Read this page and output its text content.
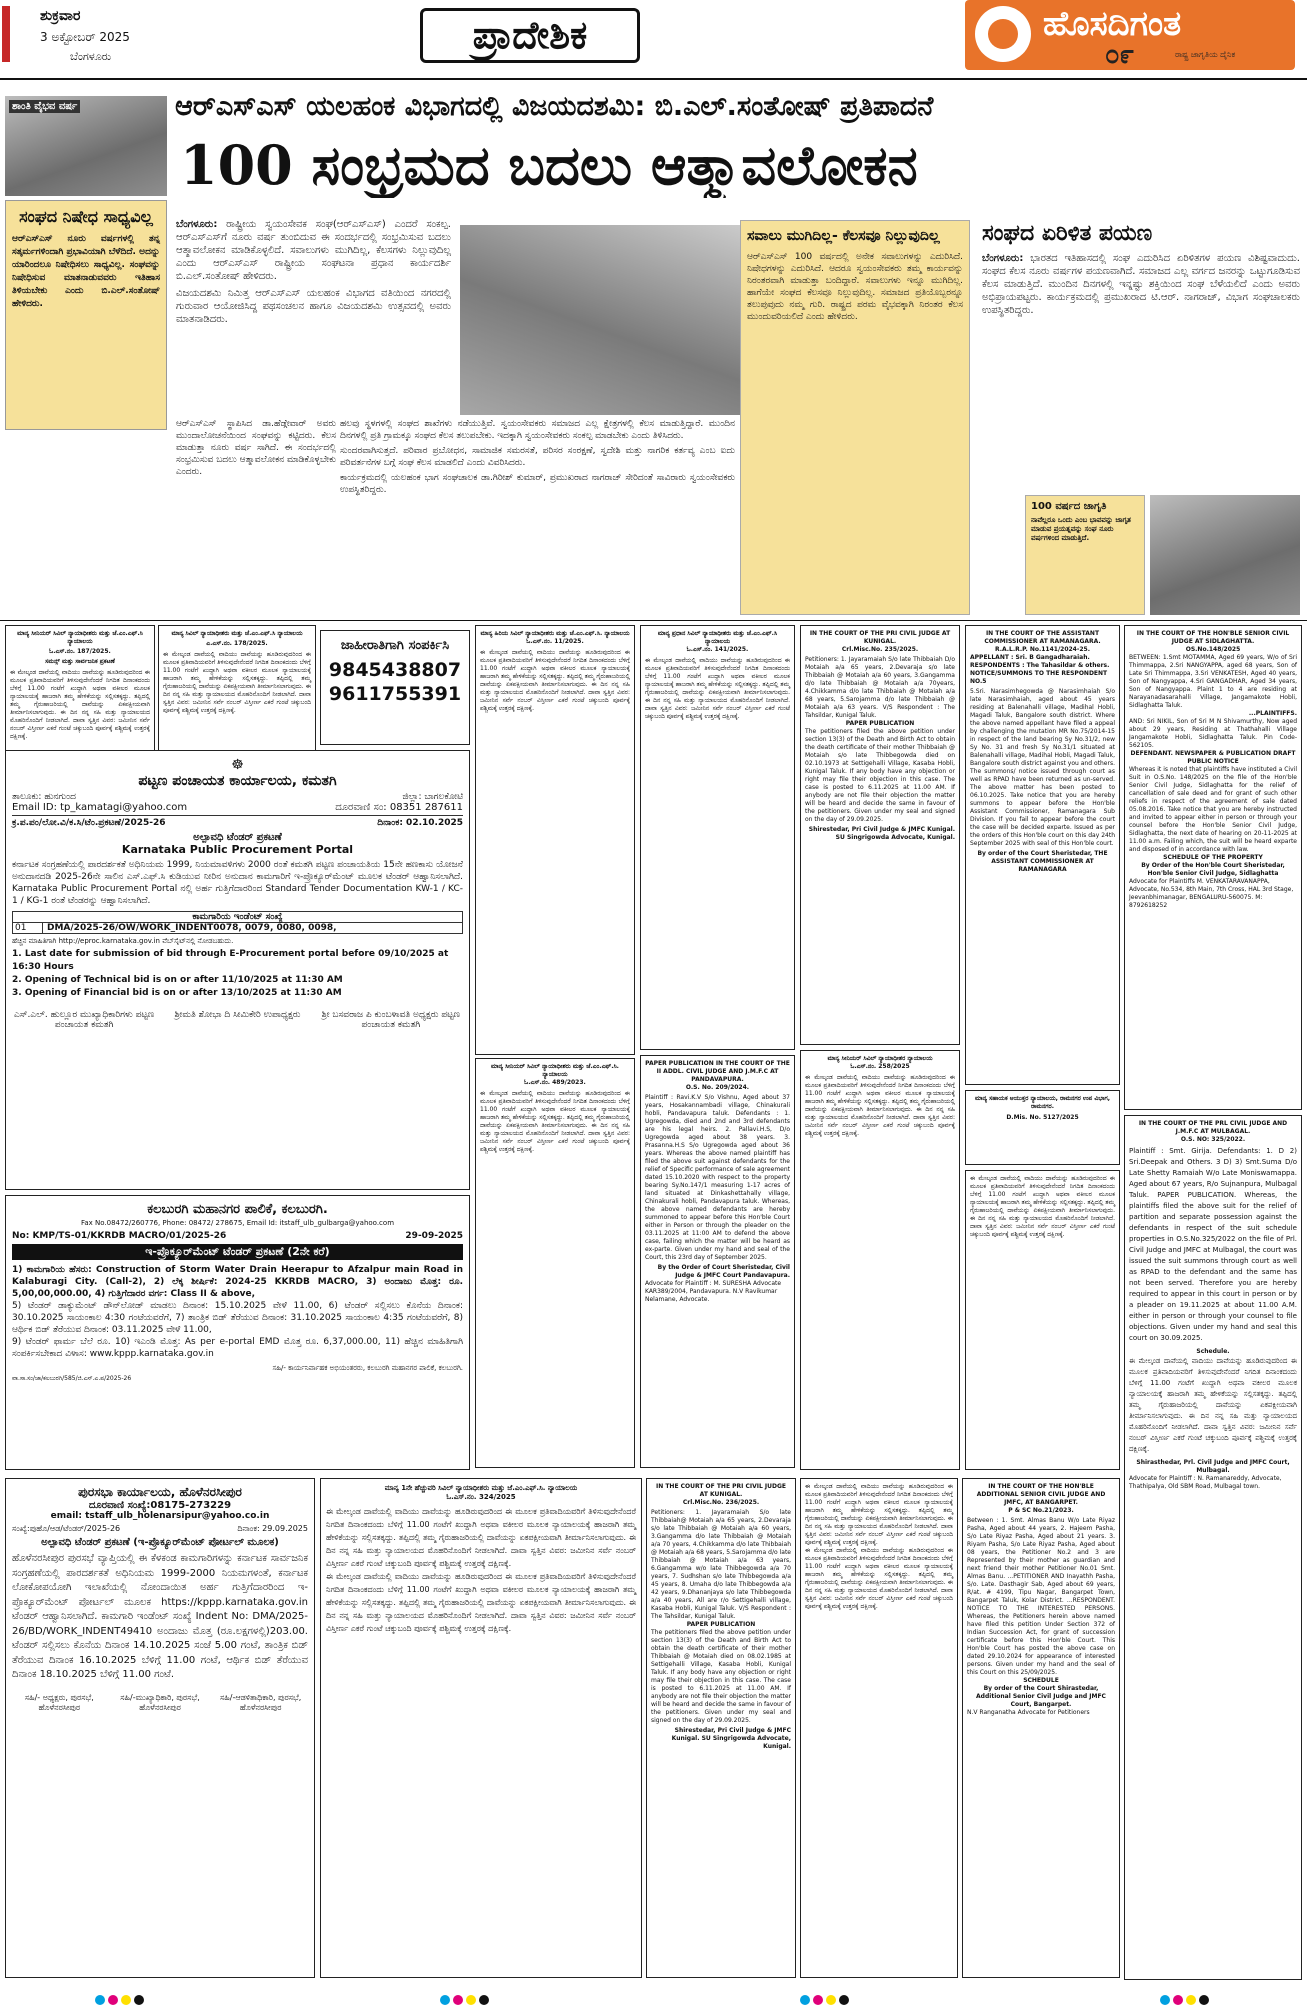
ಶುಕ್ರವಾರ
3 ಅಕ್ಟೋಬರ್ 2025
ಬೆಂಗಳೂರು	ಪ್ರಾದೇಶಿಕ	ಹೊಸದಿಗಂತ
೦೯	ರಾಷ್ಟ್ರ ಜಾಗೃತಿಯ ದೈನಿಕ
ಶಾಂತಿ ವೈಭವ ವರ್ಷ	ಆರ್‌ಎಸ್‌ಎಸ್ ಯಲಹಂಕ ವಿಭಾಗದಲ್ಲಿ ವಿಜಯದಶಮಿ: ಬಿ.ಎಲ್.ಸಂತೋಷ್ ಪ್ರತಿಪಾದನೆ
100 ಸಂಭ್ರಮದ ಬದಲು ಆತ್ಮಾವಲೋಕನ
ಸಂಘದ ನಿಷೇಧ ಸಾಧ್ಯವಿಲ್ಲ
ಆರ್‌ಎಸ್‌ಎಸ್‌ ನೂರು ವರ್ಷಗಳಲ್ಲಿ ತನ್ನ ಸತ್ಕರ್ಮಗಳಿಂದಾಗಿ ಪ್ರಭಾವಿಯಾಗಿ ಬೆಳೆದಿದೆ. ಅದನ್ನು ಯಾರಿಂದಲೂ ನಿಷೇಧಿಸಲು ಸಾಧ್ಯವಿಲ್ಲ. ಸಂಘವನ್ನು ನಿಷೇಧಿಸುವ ಮಾತನಾಡುವವರು ಇತಿಹಾಸ ತಿಳಿಯಬೇಕು ಎಂದು ಬಿ.ಎಲ್.ಸಂತೋಷ್ ಹೇಳಿದರು.
ಬೆಂಗಳೂರು: ರಾಷ್ಟ್ರೀಯ ಸ್ವಯಂಸೇವಕ ಸಂಘ(ಆರ್‌ಎಸ್‌ಎಸ್) ಎಂದರೆ ಸಂಕಲ್ಪ. ಆರ್‌ಎಸ್‌ಎಸ್‌ಗೆ ನೂರು ವರ್ಷ ತುಂಬಿದುವ ಈ ಸಂದರ್ಭದಲ್ಲಿ ಸಂಭ್ರಮಿಸುವ ಬದಲು ಆತ್ಮಾವಲೋಕನ ಮಾಡಿಕೊಳ್ಳಲಿದೆ. ಸವಾಲುಗಳು ಮುಗಿದಿಲ್ಲ, ಕೆಲಸಗಳು ನಿಲ್ಲುವುದಿಲ್ಲ ಎಂದು ಆರ್‌ಎಸ್‌ಎಸ್ ರಾಷ್ಟ್ರೀಯ ಸಂಘಟನಾ ಪ್ರಧಾನ ಕಾರ್ಯದರ್ಶಿ ಬಿ.ಎಲ್.ಸಂತೋಷ್ ಹೇಳಿದರು.
ವಿಜಯದಶಮಿ ನಿಮಿತ್ತ ಆರ್‌ಎಸ್‌ಎಸ್ ಯಲಹಂಕ ವಿಭಾಗದ ವತಿಯಿಂದ ನಗರದಲ್ಲಿ ಗುರುವಾರ ಆಯೋಜಿಸಿದ್ದ ಪಥಸಂಚಲನ ಹಾಗೂ ವಿಜಯದಶಮಿ ಉತ್ಸವದಲ್ಲಿ ಅವರು ಮಾತನಾಡಿದರು.
ಸವಾಲು ಮುಗಿದಿಲ್ಲ- ಕೆಲಸವೂ ನಿಲ್ಲುವುದಿಲ್ಲ
ಆರ್‌ಎಸ್‌ಎಸ್‌ 100 ವರ್ಷದಲ್ಲಿ ಅನೇಕ ಸವಾಲುಗಳನ್ನು ಎದುರಿಸಿದೆ. ನಿಷೇಧಗಳನ್ನು ಎದುರಿಸಿದೆ. ಆದರೂ ಸ್ವಯಂಸೇವಕರು ತಮ್ಮ ಕಾರ್ಯವನ್ನು ನಿರಂತರವಾಗಿ ಮಾಡುತ್ತಾ ಬಂದಿದ್ದಾರೆ. ಸವಾಲುಗಳು ಇನ್ನೂ ಮುಗಿದಿಲ್ಲ. ಹಾಗೆಯೇ ಸಂಘದ ಕೆಲಸವೂ ನಿಲ್ಲುವುದಿಲ್ಲ. ಸಮಾಜದ ಪ್ರತಿಯೊಬ್ಬರನ್ನೂ ತಲುಪುವುದು ನಮ್ಮ ಗುರಿ. ರಾಷ್ಟ್ರದ ಪರಮ ವೈಭವಕ್ಕಾಗಿ ನಿರಂತರ ಕೆಲಸ ಮುಂದುವರಿಯಲಿದೆ ಎಂದು ಹೇಳಿದರು.
ಸಂಘದ ಏರಿಳಿತ ಪಯಣ
ಬೆಂಗಳೂರು: ಭಾರತದ ಇತಿಹಾಸದಲ್ಲಿ ಸಂಘ ಎದುರಿಸಿದ ಏರಿಳಿತಗಳ ಪಯಣ ವಿಶಿಷ್ಟವಾದುದು. ಸಂಘದ ಕೆಲಸ ನೂರು ವರ್ಷಗಳ ಪಯಣವಾಗಿದೆ. ಸಮಾಜದ ಎಲ್ಲ ವರ್ಗದ ಜನರನ್ನು ಒಟ್ಟುಗೂಡಿಸುವ ಕೆಲಸ ಮಾಡುತ್ತಿದೆ. ಮುಂದಿನ ದಿನಗಳಲ್ಲಿ ಇನ್ನಷ್ಟು ಶಕ್ತಿಯಿಂದ ಸಂಘ ಬೆಳೆಯಲಿದೆ ಎಂದು ಅವರು ಅಭಿಪ್ರಾಯಪಟ್ಟರು. ಕಾರ್ಯಕ್ರಮದಲ್ಲಿ ಪ್ರಮುಖರಾದ ಟಿ.ಆರ್. ನಾಗರಾಜ್, ವಿಭಾಗ ಸಂಘಚಾಲಕರು ಉಪಸ್ಥಿತರಿದ್ದರು.
ಆರ್‌ಎಸ್‌ಎಸ್ ಸ್ಥಾಪಿಸಿದ ಡಾ.ಹೆಡ್ಗೇವಾರ್ ಅವರು ಮುಂದಾಲೋಚನೆಯಿಂದ ಸಂಘವನ್ನು ಕಟ್ಟಿದರು. ಕೆಲಸ ಮಾಡುತ್ತಾ ನೂರು ವರ್ಷ ಸಾಗಿದೆ. ಈ ಸಂದರ್ಭದಲ್ಲಿ ಸಂಭ್ರಮಿಸುವ ಬದಲು ಆತ್ಮಾವಲೋಕನ ಮಾಡಿಕೊಳ್ಳಬೇಕು ಎಂದರು.
ಹಲವು ಸ್ಥಳಗಳಲ್ಲಿ ಸಂಘದ ಶಾಖೆಗಳು ನಡೆಯುತ್ತಿವೆ. ಸ್ವಯಂಸೇವಕರು ಸಮಾಜದ ಎಲ್ಲ ಕ್ಷೇತ್ರಗಳಲ್ಲಿ ಕೆಲಸ ಮಾಡುತ್ತಿದ್ದಾರೆ. ಮುಂದಿನ ದಿನಗಳಲ್ಲಿ ಪ್ರತಿ ಗ್ರಾಮಕ್ಕೂ ಸಂಘದ ಕೆಲಸ ತಲುಪಬೇಕು. ಇದಕ್ಕಾಗಿ ಸ್ವಯಂಸೇವಕರು ಸಂಕಲ್ಪ ಮಾಡಬೇಕು ಎಂದು ತಿಳಿಸಿದರು.
ಸುಂದರವಾಗಿಸುತ್ತದೆ. ಪರಿವಾರ ಪ್ರಬೋಧನ, ಸಾಮಾಜಿಕ ಸಮರಸತೆ, ಪರಿಸರ ಸಂರಕ್ಷಣೆ, ಸ್ವದೇಶಿ ಮತ್ತು ನಾಗರಿಕ ಕರ್ತವ್ಯ ಎಂಬ ಐದು ಪರಿವರ್ತನೆಗಳ ಬಗ್ಗೆ ಸಂಘ ಕೆಲಸ ಮಾಡಲಿದೆ ಎಂದು ವಿವರಿಸಿದರು.
ಕಾರ್ಯಕ್ರಮದಲ್ಲಿ ಯಲಹಂಕ ಭಾಗ ಸಂಘಚಾಲಕ ಡಾ.ಗಿರೀಶ್ ಕುಮಾರ್, ಪ್ರಮುಖರಾದ ನಾಗರಾಜ್ ಸೇರಿದಂತೆ ಸಾವಿರಾರು ಸ್ವಯಂಸೇವಕರು ಉಪಸ್ಥಿತರಿದ್ದರು.
100 ವರ್ಷದ ಜಾಗೃತಿ
ನಾವೆಲ್ಲರೂ ಒಂದು ಎಂಬ ಭಾವವನ್ನು ಜಾಗೃತ ಮಾಡುವ ಪ್ರಯತ್ನವನ್ನು ಸಂಘ ನೂರು ವರ್ಷಗಳಿಂದ ಮಾಡುತ್ತಿದೆ.
ಮಾನ್ಯ ಸೀನಿಯರ್ ಸಿವಿಲ್ ನ್ಯಾಯಾಧೀಶರು ಮತ್ತು ಜೆ.ಎಂ.ಎಫ್.ಸಿ ನ್ಯಾಯಾಲಯ
ಓ.ಎಸ್.ನಂ. 187/2025.
ಸಮನ್ಸ್ ಮತ್ತು ಸಾರ್ವಜನಿಕ ಪ್ರಕಟಣೆ
ಈ ಮೇಲ್ಕಂಡ ದಾವೆಯಲ್ಲಿ ವಾದಿಯು ದಾವೆಯನ್ನು ಹೂಡಿರುವುದರಿಂದ ಈ ಮೂಲಕ ಪ್ರತಿವಾದಿಯವರಿಗೆ ತಿಳಿಸುವುದೇನೆಂದರೆ ನಿಗದಿತ ದಿನಾಂಕದಂದು ಬೆಳಿಗ್ಗೆ 11.00 ಗಂಟೆಗೆ ಖುದ್ದಾಗಿ ಅಥವಾ ವಕೀಲರ ಮೂಲಕ ನ್ಯಾಯಾಲಯಕ್ಕೆ ಹಾಜರಾಗಿ ತಮ್ಮ ಹೇಳಿಕೆಯನ್ನು ಸಲ್ಲಿಸತಕ್ಕದ್ದು. ತಪ್ಪಿದಲ್ಲಿ ತಮ್ಮ ಗೈರುಹಾಜರಿಯಲ್ಲಿ ದಾವೆಯನ್ನು ಏಕಪಕ್ಷೀಯವಾಗಿ ತೀರ್ಮಾನಿಸಲಾಗುವುದು. ಈ ದಿನ ನನ್ನ ಸಹಿ ಮತ್ತು ನ್ಯಾಯಾಲಯದ ಮೊಹರಿನೊಂದಿಗೆ ನೀಡಲಾಗಿದೆ. ದಾವಾ ಸ್ವತ್ತಿನ ವಿವರ: ಜಮೀನಿನ ಸರ್ವೆ ನಂಬರ್ ವಿಸ್ತೀರ್ಣ ಎಕರೆ ಗುಂಟೆ ಚಕ್ಕುಬಂದಿ ಪೂರ್ವಕ್ಕೆ ಪಶ್ಚಿಮಕ್ಕೆ ಉತ್ತರಕ್ಕೆ ದಕ್ಷಿಣಕ್ಕೆ.
ಮಾನ್ಯ ಸಿವಿಲ್ ನ್ಯಾಯಾಧೀಶರು ಮತ್ತು ಜೆ.ಎಂ.ಎಫ್.ಸಿ ನ್ಯಾಯಾಲಯ
ಎ.ಎಸ್.ನಂ. 178/2025.
ಈ ಮೇಲ್ಕಂಡ ದಾವೆಯಲ್ಲಿ ವಾದಿಯು ದಾವೆಯನ್ನು ಹೂಡಿರುವುದರಿಂದ ಈ ಮೂಲಕ ಪ್ರತಿವಾದಿಯವರಿಗೆ ತಿಳಿಸುವುದೇನೆಂದರೆ ನಿಗದಿತ ದಿನಾಂಕದಂದು ಬೆಳಿಗ್ಗೆ 11.00 ಗಂಟೆಗೆ ಖುದ್ದಾಗಿ ಅಥವಾ ವಕೀಲರ ಮೂಲಕ ನ್ಯಾಯಾಲಯಕ್ಕೆ ಹಾಜರಾಗಿ ತಮ್ಮ ಹೇಳಿಕೆಯನ್ನು ಸಲ್ಲಿಸತಕ್ಕದ್ದು. ತಪ್ಪಿದಲ್ಲಿ ತಮ್ಮ ಗೈರುಹಾಜರಿಯಲ್ಲಿ ದಾವೆಯನ್ನು ಏಕಪಕ್ಷೀಯವಾಗಿ ತೀರ್ಮಾನಿಸಲಾಗುವುದು. ಈ ದಿನ ನನ್ನ ಸಹಿ ಮತ್ತು ನ್ಯಾಯಾಲಯದ ಮೊಹರಿನೊಂದಿಗೆ ನೀಡಲಾಗಿದೆ. ದಾವಾ ಸ್ವತ್ತಿನ ವಿವರ: ಜಮೀನಿನ ಸರ್ವೆ ನಂಬರ್ ವಿಸ್ತೀರ್ಣ ಎಕರೆ ಗುಂಟೆ ಚಕ್ಕುಬಂದಿ ಪೂರ್ವಕ್ಕೆ ಪಶ್ಚಿಮಕ್ಕೆ ಉತ್ತರಕ್ಕೆ ದಕ್ಷಿಣಕ್ಕೆ.
ಜಾಹೀರಾತಿಗಾಗಿ ಸಂಪರ್ಕಿಸಿ
9845438807
9611755391
☸
ಪಟ್ಟಣ ಪಂಚಾಯತ ಕಾರ್ಯಾಲಯ, ಕಮತಗಿ
ತಾಲೂಕು: ಹುನಗುಂದ	ಜಿಲ್ಲಾ: ಬಾಗಲಕೋಟಿ
Email ID: tp_kamatagi@yahoo.com	ದೂರವಾಣಿ ಸಂ: 08351 287611
ಕ್ರ.ಪ.ಪಂ/ಲೋ.ವಿ/ಕ.ಸಿ/ಟೆಂ.ಪ್ರಕಟಣೆ/2025-26	ದಿನಾಂಕ: 02.10.2025
ಅಲ್ಪಾವಧಿ ಟೆಂಡರ್ ಪ್ರಕಟಣೆ
Karnataka Public Procurement Portal
ಕರ್ನಾಟಕ ಸಂಗ್ರಹಣೆಯಲ್ಲಿ ಪಾರದರ್ಶಕತೆ ಅಧಿನಿಯಮ 1999, ನಿಯಮಾವಳಿಗಳು 2000 ರಂತೆ ಕಮತಗಿ ಪಟ್ಟಣ ಪಂಚಾಯತಿಯ 15ನೇ ಹಣಕಾಸು ಯೋಜನೆ ಅನುದಾನದಡಿ 2025-26ನೇ ಸಾಲಿನ ಎಸ್.ಎಫ್.ಸಿ ಕುಡಿಯುವ ನೀರಿನ ಅನುದಾನ ಕಾಮಗಾರಿಗೆ ಇ-ಪ್ರೊಕ್ಯೂರ್‌ಮೆಂಟ್ ಮೂಲಕ ಟೆಂಡರ್ ಆಹ್ವಾನಿಸಲಾಗಿದೆ. Karnataka Public Procurement Portal ನಲ್ಲಿ ಅರ್ಹ ಗುತ್ತಿಗೆದಾರರಿಂದ Standard Tender Documentation KW-1 / KC-1 / KG-1 ರಂತೆ ಟೆಂಡರನ್ನು ಆಹ್ವಾನಿಸಲಾಗಿದೆ.
ಕಾಮಗಾರಿಯ ಇಂಡೆಂಟ್ ಸಂಖ್ಯೆ
01	DMA/2025-26/OW/WORK_INDENT0078, 0079, 0080, 0098,
ಹೆಚ್ಚಿನ ಮಾಹಿತಿಗಾಗಿ http://eproc.karnataka.gov.in ವೆಬ್‌ಸೈಟ್‌ನಲ್ಲಿ ನೋಡಬಹುದು.
1. Last date for submission of bid through E-Procurement portal before 09/10/2025 at 16:30 Hours
2. Opening of Technical bid is on or after 11/10/2025 at 11:30 AM
3. Opening of Financial bid is on or after 13/10/2025 at 11:30 AM
ಎಸ್.ಎಲ್. ಹುಲ್ಲೂರ ಮುಖ್ಯಾಧಿಕಾರಿಗಳು ಪಟ್ಟಣ ಪಂಚಾಯತ ಕಮತಗಿ
ಶ್ರೀಮತಿ ಶೋಭಾ ದಿ ಸೀಮಿಕೇರಿ ಉಪಾಧ್ಯಕ್ಷರು	ಶ್ರೀ ಬಸವರಾಜ ಪಿ ಕುಂಬಳಾವತಿ ಅಧ್ಯಕ್ಷರು ಪಟ್ಟಣ ಪಂಚಾಯತ ಕಮತಗಿ
ಕಲಬುರಗಿ ಮಹಾನಗರ ಪಾಲಿಕೆ, ಕಲಬುರಗಿ.
Fax No.08472/260776, Phone: 08472/ 278675, Email Id: itstaff_ulb_gulbarga@yahoo.com
No: KMP/TS-01/KKRDB MACRO/01/2025-26	29-09-2025
ಇ-ಪ್ರೊಕ್ಯೂರ್‌ಮೆಂಟ್ ಟೆಂಡರ್ ಪ್ರಕಟಣೆ (2ನೇ ಕರೆ)
1) ಕಾಮಗಾರಿಯ ಹೆಸರು: Construction of Storm Water Drain Heerapur to Afzalpur main Road in Kalaburagi City. (Call-2), 2) ಲೆಕ್ಕ ಶೀರ್ಷಿಕೆ: 2024-25 KKRDB MACRO, 3) ಅಂದಾಜು ಮೊತ್ತ: ರೂ. 5,00,00,000.00, 4) ಗುತ್ತಿಗೆದಾರರ ವರ್ಗ: Class II & above,
5) ಟೆಂಡರ್ ಡಾಕ್ಯುಮೆಂಟ್ ಡೌನ್‌ಲೋಡ್ ಮಾಡಲು ದಿನಾಂಕ: 15.10.2025 ವೇಳೆ 11.00, 6) ಟೆಂಡರ್ ಸಲ್ಲಿಸಲು ಕೊನೆಯ ದಿನಾಂಕ: 30.10.2025 ಸಾಯಂಕಾಲ 4:30 ಗಂಟೆಯವರೆಗೆ, 7) ತಾಂತ್ರಿಕ ಬಿಡ್ ತೆರೆಯುವ ದಿನಾಂಕ: 31.10.2025 ಸಾಯಂಕಾಲ 4:35 ಗಂಟೆಯವರೆಗೆ, 8) ಆರ್ಥಿಕ ಬಿಡ್ ತೆರೆಯುವ ದಿನಾಂಕ: 03.11.2025 ವೇಳೆ 11.00,
9) ಟೆಂಡರ್ ಫಾರ್ಮ ಬೆಲೆ ರೂ. 10) ಇಎಂಡಿ ಮೊತ್ತ: As per e-portal EMD ಮೊತ್ತ ರೂ. 6,37,000.00, 11) ಹೆಚ್ಚಿನ ಮಾಹಿತಿಗಾಗಿ ಸಂಪರ್ಕಿಸಬೇಕಾದ ವಿಳಾಸ: www.kppp.karnataka.gov.in
ಸಹಿ/- ಕಾರ್ಯನಿರ್ವಾಹಕ ಅಭಿಯಂತರರು, ಕಲಬುರಗಿ ಮಹಾನಗರ ಪಾಲಿಕೆ, ಕಲಬುರಗಿ.
ವಾ.ಸಾ.ಸಂ/ಜಾ/ಕಲಬುರಗಿ/585/ಜಿ.ಎಸ್.ಎ.ಪ/2025-26
ಪುರಸಭಾ ಕಾರ್ಯಾಲಯ, ಹೊಳೆನರಸೀಪುರ
ದೂರವಾಣಿ ಸಂಖ್ಯೆ:08175-273229
email: tstaff_ulb_holenarsipur@yahoo.co.in
ಸಂಖ್ಯೆ:ಪುಹೊ/ಆಡ/ಟೆಂಡರ್/2025-26	ದಿನಾಂಕ: 29.09.2025
ಅಲ್ಪಾವಧಿ ಟೆಂಡರ್ ಪ್ರಕಟಣೆ (ಇ-ಪ್ರೊಕ್ಯೂರ್‌ಮೆಂಟ್ ಪೋರ್ಟಲ್ ಮೂಲಕ)
ಹೊಳೆನರಸೀಪುರ ಪುರಸಭೆ ವ್ಯಾಪ್ತಿಯಲ್ಲಿ ಈ ಕೆಳಕಂಡ ಕಾಮಗಾರಿಗಳನ್ನು ಕರ್ನಾಟಕ ಸಾರ್ವಜನಿಕ ಸಂಗ್ರಹಣೆಯಲ್ಲಿ ಪಾರದರ್ಶಕತೆ ಅಧಿನಿಯಮ 1999-2000 ನಿಯಮಗಳಂತೆ, ಕರ್ನಾಟಕ ಲೋಕೋಪಯೋಗಿ ಇಲಾಖೆಯಲ್ಲಿ ನೋಂದಾಯಿತ ಅರ್ಹ ಗುತ್ತಿಗೆದಾರರಿಂದ ಇ-ಪ್ರೊಕ್ಯೂರ್‌ಮೆಂಟ್ ಪೋರ್ಟಲ್ ಮೂಲಕ https://kppp.karnataka.gov.in ಟೆಂಡರ್ ಆಹ್ವಾನಿಸಲಾಗಿದೆ. ಕಾಮಗಾರಿ ಇಂಡೆಂಟ್ ಸಂಖ್ಯೆ Indent No: DMA/2025-26/BD/WORK_INDENT49410 ಅಂದಾಜು ಮೊತ್ತ (ರೂ.ಲಕ್ಷಗಳಲ್ಲಿ)203.00. ಟೆಂಡರ್ ಸಲ್ಲಿಸಲು ಕೊನೆಯ ದಿನಾಂಕ 14.10.2025 ಸಂಜೆ 5.00 ಗಂಟೆ, ತಾಂತ್ರಿಕ ಬಿಡ್ ತೆರೆಯುವ ದಿನಾಂಕ 16.10.2025 ಬೆಳಿಗ್ಗೆ 11.00 ಗಂಟೆ, ಆರ್ಥಿಕ ಬಿಡ್ ತೆರೆಯುವ ದಿನಾಂಕ 18.10.2025 ಬೆಳಿಗ್ಗೆ 11.00 ಗಂಟೆ.
ಸಹಿ/- ಅಧ್ಯಕ್ಷರು, ಪುರಸಭೆ, ಹೊಳೆನರಸೀಪುರ
ಸಹಿ/-ಮುಖ್ಯಾಧಿಕಾರಿ, ಪುರಸಭೆ, ಹೊಳೆನರಸೀಪುರ
ಸಹಿ/-ಆಡಳಿತಾಧಿಕಾರಿ, ಪುರಸಭೆ, ಹೊಳೆನರಸೀಪುರ
ಮಾನ್ಯ ಹಿರಿಯ ಸಿವಿಲ್ ನ್ಯಾಯಾಧೀಶರು ಮತ್ತು ಜೆ.ಎಂ.ಎಫ್.ಸಿ. ನ್ಯಾಯಾಲಯ
ಓ.ಎಸ್.ನಂ. 11/2025.
ಈ ಮೇಲ್ಕಂಡ ದಾವೆಯಲ್ಲಿ ವಾದಿಯು ದಾವೆಯನ್ನು ಹೂಡಿರುವುದರಿಂದ ಈ ಮೂಲಕ ಪ್ರತಿವಾದಿಯವರಿಗೆ ತಿಳಿಸುವುದೇನೆಂದರೆ ನಿಗದಿತ ದಿನಾಂಕದಂದು ಬೆಳಿಗ್ಗೆ 11.00 ಗಂಟೆಗೆ ಖುದ್ದಾಗಿ ಅಥವಾ ವಕೀಲರ ಮೂಲಕ ನ್ಯಾಯಾಲಯಕ್ಕೆ ಹಾಜರಾಗಿ ತಮ್ಮ ಹೇಳಿಕೆಯನ್ನು ಸಲ್ಲಿಸತಕ್ಕದ್ದು. ತಪ್ಪಿದಲ್ಲಿ ತಮ್ಮ ಗೈರುಹಾಜರಿಯಲ್ಲಿ ದಾವೆಯನ್ನು ಏಕಪಕ್ಷೀಯವಾಗಿ ತೀರ್ಮಾನಿಸಲಾಗುವುದು. ಈ ದಿನ ನನ್ನ ಸಹಿ ಮತ್ತು ನ್ಯಾಯಾಲಯದ ಮೊಹರಿನೊಂದಿಗೆ ನೀಡಲಾಗಿದೆ. ದಾವಾ ಸ್ವತ್ತಿನ ವಿವರ: ಜಮೀನಿನ ಸರ್ವೆ ನಂಬರ್ ವಿಸ್ತೀರ್ಣ ಎಕರೆ ಗುಂಟೆ ಚಕ್ಕುಬಂದಿ ಪೂರ್ವಕ್ಕೆ ಪಶ್ಚಿಮಕ್ಕೆ ಉತ್ತರಕ್ಕೆ ದಕ್ಷಿಣಕ್ಕೆ.
ಮಾನ್ಯ ಪ್ರಧಾನ ಸಿವಿಲ್ ನ್ಯಾಯಾಧೀಶರು ಮತ್ತು ಜೆ.ಎಂ.ಎಫ್.ಸಿ ನ್ಯಾಯಾಲಯ
ಓ.ಎಸ್.ನಂ. 141/2025.
ಈ ಮೇಲ್ಕಂಡ ದಾವೆಯಲ್ಲಿ ವಾದಿಯು ದಾವೆಯನ್ನು ಹೂಡಿರುವುದರಿಂದ ಈ ಮೂಲಕ ಪ್ರತಿವಾದಿಯವರಿಗೆ ತಿಳಿಸುವುದೇನೆಂದರೆ ನಿಗದಿತ ದಿನಾಂಕದಂದು ಬೆಳಿಗ್ಗೆ 11.00 ಗಂಟೆಗೆ ಖುದ್ದಾಗಿ ಅಥವಾ ವಕೀಲರ ಮೂಲಕ ನ್ಯಾಯಾಲಯಕ್ಕೆ ಹಾಜರಾಗಿ ತಮ್ಮ ಹೇಳಿಕೆಯನ್ನು ಸಲ್ಲಿಸತಕ್ಕದ್ದು. ತಪ್ಪಿದಲ್ಲಿ ತಮ್ಮ ಗೈರುಹಾಜರಿಯಲ್ಲಿ ದಾವೆಯನ್ನು ಏಕಪಕ್ಷೀಯವಾಗಿ ತೀರ್ಮಾನಿಸಲಾಗುವುದು. ಈ ದಿನ ನನ್ನ ಸಹಿ ಮತ್ತು ನ್ಯಾಯಾಲಯದ ಮೊಹರಿನೊಂದಿಗೆ ನೀಡಲಾಗಿದೆ. ದಾವಾ ಸ್ವತ್ತಿನ ವಿವರ: ಜಮೀನಿನ ಸರ್ವೆ ನಂಬರ್ ವಿಸ್ತೀರ್ಣ ಎಕರೆ ಗುಂಟೆ ಚಕ್ಕುಬಂದಿ ಪೂರ್ವಕ್ಕೆ ಪಶ್ಚಿಮಕ್ಕೆ ಉತ್ತರಕ್ಕೆ ದಕ್ಷಿಣಕ್ಕೆ.
ಮಾನ್ಯ ಸೀನಿಯರ್ ಸಿವಿಲ್ ನ್ಯಾಯಾಧೀಶರು ಮತ್ತು ಜೆ.ಎಂ.ಎಫ್.ಸಿ. ನ್ಯಾಯಾಲಯ
ಓ.ಎಸ್.ನಂ. 489/2023.
ಈ ಮೇಲ್ಕಂಡ ದಾವೆಯಲ್ಲಿ ವಾದಿಯು ದಾವೆಯನ್ನು ಹೂಡಿರುವುದರಿಂದ ಈ ಮೂಲಕ ಪ್ರತಿವಾದಿಯವರಿಗೆ ತಿಳಿಸುವುದೇನೆಂದರೆ ನಿಗದಿತ ದಿನಾಂಕದಂದು ಬೆಳಿಗ್ಗೆ 11.00 ಗಂಟೆಗೆ ಖುದ್ದಾಗಿ ಅಥವಾ ವಕೀಲರ ಮೂಲಕ ನ್ಯಾಯಾಲಯಕ್ಕೆ ಹಾಜರಾಗಿ ತಮ್ಮ ಹೇಳಿಕೆಯನ್ನು ಸಲ್ಲಿಸತಕ್ಕದ್ದು. ತಪ್ಪಿದಲ್ಲಿ ತಮ್ಮ ಗೈರುಹಾಜರಿಯಲ್ಲಿ ದಾವೆಯನ್ನು ಏಕಪಕ್ಷೀಯವಾಗಿ ತೀರ್ಮಾನಿಸಲಾಗುವುದು. ಈ ದಿನ ನನ್ನ ಸಹಿ ಮತ್ತು ನ್ಯಾಯಾಲಯದ ಮೊಹರಿನೊಂದಿಗೆ ನೀಡಲಾಗಿದೆ. ದಾವಾ ಸ್ವತ್ತಿನ ವಿವರ: ಜಮೀನಿನ ಸರ್ವೆ ನಂಬರ್ ವಿಸ್ತೀರ್ಣ ಎಕರೆ ಗುಂಟೆ ಚಕ್ಕುಬಂದಿ ಪೂರ್ವಕ್ಕೆ ಪಶ್ಚಿಮಕ್ಕೆ ಉತ್ತರಕ್ಕೆ ದಕ್ಷಿಣಕ್ಕೆ.
PAPER PUBLICATION IN THE COURT OF THE II ADDL. CIVIL JUDGE AND J.M.F.C AT PANDAVAPURA.
O.S. No. 209/2024.
Plaintiff : Ravi.K.V S/o Vishnu, Aged about 37 years, Hosakannambadi village, Chinakurali hobli, Pandavapura taluk. Defendants : 1. Ugregowda, died and 2nd and 3rd defendants are his legal heirs. 2. Pallavi.H.S, D/o Ugregowda aged about 38 years. 3. Prasanna.H.S S/o Ugregowda aged about 36 years. Whereas the above named plaintiff has filed the above suit against defendants for the relief of Specific performance of sale agreement dated 15.10.2020 with respect to the property bearing Sy.No.147/1 measuring 1-17 acres of land situated at Dinkashettahally village, Chinakurali hobli, Pandavapura taluk. Whereas, the above named defendants are hereby summoned to appear before this Hon'ble Court either in Person or through the pleader on the 03.11.2025 at 11:00 AM to defend the above case, failing which the matter will be heard as ex-parte. Given under my hand and seal of the Court, this 23rd day of September 2025.
By the Order of Court Sheristedar, Civil Judge & JMFC Court Pandavapura.
Advocate for Plaintiff : M. SURESHA Advocate KAR389/2004, Pandavapura. N.V Ravikumar Nelamane, Advocate.
IN THE COURT OF THE PRI CIVIL JUDGE AT KUNIGAL.
Crl.Misc.No. 235/2025.
Petitioners: 1. Jayaramaiah S/o late Thibbaiah D/o Motaiah a/a 65 years, 2.Devaraja s/o late Thibbaiah @ Motaiah a/a 60 years, 3.Gangamma d/o late Thibbaiah @ Motaiah a/a 70years, 4.Chikkamma d/o late Thibbaiah @ Motaiah a/a 68 years, 5.Sarojamma d/o late Thibbaiah @ Motaiah a/a 63 years. V/S Respondent : The Tahsildar, Kunigal Taluk.
PAPER PUBLICATION
The petitioners filed the above petition under section 13(3) of the Death and Birth Act to obtain the death certificate of their mother Thibbaiah @ Motaiah s/o late Thibbegowda died on 02.10.1973 at Settigehalli Village, Kasaba Hobli, Kunigal Taluk. If any body have any objection or right may file their objection in this case. The case is posted to 6.11.2025 at 11.00 AM. If anybody are not file their objection the matter will be heard and decide the same in favour of the petitioners. Given under my seal and signed on the day of 29.09.2025.
Shirestedar, Pri Civil Judge & JMFC Kunigal. SU Singrigowda Advocate, Kunigal.
IN THE COURT OF THE ASSISTANT COMMISSIONER AT RAMANAGARA.
R.A.L.R.P. No.1141/2024-25.
APPELLANT : Sri. B Gangadharaiah.
RESPONDENTS : The Tahasildar & others. NOTICE/SUMMONS TO THE RESPONDENT NO.5
5.Sri. Narasimhegowda @ Narasimhaiah S/o late Narasimhaiah, aged about 45 years residing at Balenahalli village, Madihal Hobli, Magadi Taluk, Bangalore south district. Where the above named appellant have filed a appeal by challenging the mutation MR No.75/2014-15 in respect of the land bearing Sy No.31/2, new Sy No. 31 and fresh Sy No.31/1 situated at Balenahalli village, Madihal Hobli, Magadi Taluk, Bangalore south district against you and others. The summons/ notice issued through court as well as RPAD have been returned as un-served. The above matter has been posted to 06.10.2025. Take notice that you are hereby summons to appear before the Hon'ble Assistant Commissioner, Ramanagara Sub Division. If you fail to appear before the court the case will be decided exparte. Issued as per the orders of this Hon'ble court on this day 24th September 2025 with seal of this Hon'ble court.
By order of the Court Sheristedar, THE ASSISTANT COMMISSIONER AT RAMANAGARA
IN THE COURT OF THE HON'BLE SENIOR CIVIL JUDGE AT SIDLAGHATTA.
OS.No.148/2025
BETWEEN: 1.Smt MOTAMMA, Aged 69 years, W/o of Sri Thimmappa, 2.Sri NANGYAPPA, aged 68 years, Son of Late Sri Thimmappa, 3.Sri VENKATESH, Aged 40 years, Son of Nangyappa, 4.Sri GANGADHAR, Aged 34 years, Son of Nangyappa. Plaint 1 to 4 are residing at Narayanadasarahalli Village, Jangamakote Hobli, Sidlaghatta Taluk.
...PLAINTIFFS.
AND: Sri NIKIL, Son of Sri M N Shivamurthy, Now aged about 29 years, Residing at Thathahalli Village Jangamakote Hobli, Sidlaghatta Taluk. Pin Code-562105.
DEFENDANT. NEWSPAPER & PUBLICATION DRAFT PUBLIC NOTICE
Whereas it is noted that plaintiffs have instituted a Civil Suit in O.S.No. 148/2025 on the file of the Hon'ble Senior Civil Judge, Sidlaghatta for the relief of cancellation of sale deed and for grant of such other reliefs in respect of the agreement of sale dated 05.08.2016. Take notice that you are hereby instructed and invited to appear either in person or through your counsel before the Hon'ble Senior Civil Judge, Sidlaghatta, the next date of hearing on 20-11-2025 at 11.00 a.m. Failing which, the suit will be heard exparte and disposed of in accordance with law.
SCHEDULE OF THE PROPERTY
By Order of the Hon'ble Court Sheristedar, Hon'ble Senior Civil Judge, Sidlaghatta
Advocate for Plaintiffs M. VENKATARAVANAPPA, Advocate, No.534, 8th Main, 7th Cross, HAL 3rd Stage, Jeevanbhimanagar, BENGALURU-560075. M: 8792618252
ಮಾನ್ಯ ಸಹಾಯಕ ಆಯುಕ್ತರ ನ್ಯಾಯಾಲಯ, ರಾಮನಗರ ಉಪ ವಿಭಾಗ, ರಾಮನಗರ.
D.Mis. No. 5127/2025
IN THE COURT OF THE PRL CIVIL JUDGE AND J.M.F.C AT MULBAGAL.
O.S. NO: 325/2022.
Plaintiff : Smt. Girija. Defendants: 1. D 2) Sri.Deepak and Others. 3 D) 3) Smt.Suma D/o Late Shetty Ramaiah W/o Late Moniswamappa. Aged about 67 years, R/o Sujnanpura, Mulbagal Taluk. PAPER PUBLICATION. Whereas, the plaintiffs filed the above suit for the relief of partition and separate possession against the defendants in respect of the suit schedule properties in O.S.No.325/2022 on the file of Prl. Civil Judge and JMFC at Mulbagal, the court was issued the suit summons through court as well as RPAD to the defendant and the same has not been served. Therefore you are hereby required to appear in this court in person or by a pleader on 19.11.2025 at about 11.00 A.M. either in person or through your counsel to file objections. Given under my hand and seal this court on 30.09.2025.
Schedule.
ಈ ಮೇಲ್ಕಂಡ ದಾವೆಯಲ್ಲಿ ವಾದಿಯು ದಾವೆಯನ್ನು ಹೂಡಿರುವುದರಿಂದ ಈ ಮೂಲಕ ಪ್ರತಿವಾದಿಯವರಿಗೆ ತಿಳಿಸುವುದೇನೆಂದರೆ ನಿಗದಿತ ದಿನಾಂಕದಂದು ಬೆಳಿಗ್ಗೆ 11.00 ಗಂಟೆಗೆ ಖುದ್ದಾಗಿ ಅಥವಾ ವಕೀಲರ ಮೂಲಕ ನ್ಯಾಯಾಲಯಕ್ಕೆ ಹಾಜರಾಗಿ ತಮ್ಮ ಹೇಳಿಕೆಯನ್ನು ಸಲ್ಲಿಸತಕ್ಕದ್ದು. ತಪ್ಪಿದಲ್ಲಿ ತಮ್ಮ ಗೈರುಹಾಜರಿಯಲ್ಲಿ ದಾವೆಯನ್ನು ಏಕಪಕ್ಷೀಯವಾಗಿ ತೀರ್ಮಾನಿಸಲಾಗುವುದು. ಈ ದಿನ ನನ್ನ ಸಹಿ ಮತ್ತು ನ್ಯಾಯಾಲಯದ ಮೊಹರಿನೊಂದಿಗೆ ನೀಡಲಾಗಿದೆ. ದಾವಾ ಸ್ವತ್ತಿನ ವಿವರ: ಜಮೀನಿನ ಸರ್ವೆ ನಂಬರ್ ವಿಸ್ತೀರ್ಣ ಎಕರೆ ಗುಂಟೆ ಚಕ್ಕುಬಂದಿ ಪೂರ್ವಕ್ಕೆ ಪಶ್ಚಿಮಕ್ಕೆ ಉತ್ತರಕ್ಕೆ ದಕ್ಷಿಣಕ್ಕೆ.
Shirasthedar, Prl. Civil Judge and JMFC Court, Mulbagal.
Advocate for Plaintiff : N. Ramanareddy, Advocate, Thathipalya, Old SBM Road, Mulbagal town.
ಮಾನ್ಯ 1ನೇ ಹೆಚ್ಚುವರಿ ಸಿವಿಲ್ ನ್ಯಾಯಾಧೀಶರು ಮತ್ತು ಜೆ.ಎಂ.ಎಫ್.ಸಿ. ನ್ಯಾಯಾಲಯ
ಓ.ಎಸ್.ನಂ. 324/2025
ಈ ಮೇಲ್ಕಂಡ ದಾವೆಯಲ್ಲಿ ವಾದಿಯು ದಾವೆಯನ್ನು ಹೂಡಿರುವುದರಿಂದ ಈ ಮೂಲಕ ಪ್ರತಿವಾದಿಯವರಿಗೆ ತಿಳಿಸುವುದೇನೆಂದರೆ ನಿಗದಿತ ದಿನಾಂಕದಂದು ಬೆಳಿಗ್ಗೆ 11.00 ಗಂಟೆಗೆ ಖುದ್ದಾಗಿ ಅಥವಾ ವಕೀಲರ ಮೂಲಕ ನ್ಯಾಯಾಲಯಕ್ಕೆ ಹಾಜರಾಗಿ ತಮ್ಮ ಹೇಳಿಕೆಯನ್ನು ಸಲ್ಲಿಸತಕ್ಕದ್ದು. ತಪ್ಪಿದಲ್ಲಿ ತಮ್ಮ ಗೈರುಹಾಜರಿಯಲ್ಲಿ ದಾವೆಯನ್ನು ಏಕಪಕ್ಷೀಯವಾಗಿ ತೀರ್ಮಾನಿಸಲಾಗುವುದು. ಈ ದಿನ ನನ್ನ ಸಹಿ ಮತ್ತು ನ್ಯಾಯಾಲಯದ ಮೊಹರಿನೊಂದಿಗೆ ನೀಡಲಾಗಿದೆ. ದಾವಾ ಸ್ವತ್ತಿನ ವಿವರ: ಜಮೀನಿನ ಸರ್ವೆ ನಂಬರ್ ವಿಸ್ತೀರ್ಣ ಎಕರೆ ಗುಂಟೆ ಚಕ್ಕುಬಂದಿ ಪೂರ್ವಕ್ಕೆ ಪಶ್ಚಿಮಕ್ಕೆ ಉತ್ತರಕ್ಕೆ ದಕ್ಷಿಣಕ್ಕೆ.
ಈ ಮೇಲ್ಕಂಡ ದಾವೆಯಲ್ಲಿ ವಾದಿಯು ದಾವೆಯನ್ನು ಹೂಡಿರುವುದರಿಂದ ಈ ಮೂಲಕ ಪ್ರತಿವಾದಿಯವರಿಗೆ ತಿಳಿಸುವುದೇನೆಂದರೆ ನಿಗದಿತ ದಿನಾಂಕದಂದು ಬೆಳಿಗ್ಗೆ 11.00 ಗಂಟೆಗೆ ಖುದ್ದಾಗಿ ಅಥವಾ ವಕೀಲರ ಮೂಲಕ ನ್ಯಾಯಾಲಯಕ್ಕೆ ಹಾಜರಾಗಿ ತಮ್ಮ ಹೇಳಿಕೆಯನ್ನು ಸಲ್ಲಿಸತಕ್ಕದ್ದು. ತಪ್ಪಿದಲ್ಲಿ ತಮ್ಮ ಗೈರುಹಾಜರಿಯಲ್ಲಿ ದಾವೆಯನ್ನು ಏಕಪಕ್ಷೀಯವಾಗಿ ತೀರ್ಮಾನಿಸಲಾಗುವುದು. ಈ ದಿನ ನನ್ನ ಸಹಿ ಮತ್ತು ನ್ಯಾಯಾಲಯದ ಮೊಹರಿನೊಂದಿಗೆ ನೀಡಲಾಗಿದೆ. ದಾವಾ ಸ್ವತ್ತಿನ ವಿವರ: ಜಮೀನಿನ ಸರ್ವೆ ನಂಬರ್ ವಿಸ್ತೀರ್ಣ ಎಕರೆ ಗುಂಟೆ ಚಕ್ಕುಬಂದಿ ಪೂರ್ವಕ್ಕೆ ಪಶ್ಚಿಮಕ್ಕೆ ಉತ್ತರಕ್ಕೆ ದಕ್ಷಿಣಕ್ಕೆ.
IN THE COURT OF THE PRI CIVIL JUDGE AT KUNIGAL.
Crl.Misc.No. 236/2025.
Petitioners: 1. Jayaramaiah S/o late Thibbaiah@ Motaiah a/a 65 years, 2.Devaraja s/o late Thibbaiah @ Motaiah a/a 60 years, 3.Gangamma d/o late Thibbaiah @ Motaiah a/a 70 years, 4.Chikkamma d/o late Thibbaiah @ Motaiah a/a 68 years, 5.Sarojamma d/o late Thibbaiah @ Motaiah a/a 63 years, 6.Gangamma w/o late Thibbegowda a/a 70 years, 7. Sudhshan s/o late Thibbegowda a/a 45 years, 8. Umaha d/o late Thibbegowda a/a 42 years, 9.Dhananjaya s/o late Thibbegowda a/a 40 years, All are r/o Settigehalli village, Kasaba Hobli, Kunigal Taluk. V/S Respondent : The Tahsildar, Kunigal Taluk.
PAPER PUBLICATION
The petitioners filed the above petition under section 13(3) of the Death and Birth Act to obtain the death certificate of their mother Thibbaiah @ Motaiah died on 08.02.1985 at Settigehalli Village, Kasaba Hobli, Kunigal Taluk. If any body have any objection or right may file their objection in this case. The case is posted to 6.11.2025 at 11.00 AM. If anybody are not file their objection the matter will be heard and decide the same in favour of the petitioners. Given under my seal and signed on the day of 29.09.2025.
Shirestedar, Pri Civil Judge & JMFC Kunigal. SU Singrigowda Advocate, Kunigal.
ಮಾನ್ಯ ಸೀನಿಯರ್ ಸಿವಿಲ್ ನ್ಯಾಯಾಧೀಶರ ನ್ಯಾಯಾಲಯ
ಓ.ಎಸ್.ನಂ. 258/2025
ಈ ಮೇಲ್ಕಂಡ ದಾವೆಯಲ್ಲಿ ವಾದಿಯು ದಾವೆಯನ್ನು ಹೂಡಿರುವುದರಿಂದ ಈ ಮೂಲಕ ಪ್ರತಿವಾದಿಯವರಿಗೆ ತಿಳಿಸುವುದೇನೆಂದರೆ ನಿಗದಿತ ದಿನಾಂಕದಂದು ಬೆಳಿಗ್ಗೆ 11.00 ಗಂಟೆಗೆ ಖುದ್ದಾಗಿ ಅಥವಾ ವಕೀಲರ ಮೂಲಕ ನ್ಯಾಯಾಲಯಕ್ಕೆ ಹಾಜರಾಗಿ ತಮ್ಮ ಹೇಳಿಕೆಯನ್ನು ಸಲ್ಲಿಸತಕ್ಕದ್ದು. ತಪ್ಪಿದಲ್ಲಿ ತಮ್ಮ ಗೈರುಹಾಜರಿಯಲ್ಲಿ ದಾವೆಯನ್ನು ಏಕಪಕ್ಷೀಯವಾಗಿ ತೀರ್ಮಾನಿಸಲಾಗುವುದು. ಈ ದಿನ ನನ್ನ ಸಹಿ ಮತ್ತು ನ್ಯಾಯಾಲಯದ ಮೊಹರಿನೊಂದಿಗೆ ನೀಡಲಾಗಿದೆ. ದಾವಾ ಸ್ವತ್ತಿನ ವಿವರ: ಜಮೀನಿನ ಸರ್ವೆ ನಂಬರ್ ವಿಸ್ತೀರ್ಣ ಎಕರೆ ಗುಂಟೆ ಚಕ್ಕುಬಂದಿ ಪೂರ್ವಕ್ಕೆ ಪಶ್ಚಿಮಕ್ಕೆ ಉತ್ತರಕ್ಕೆ ದಕ್ಷಿಣಕ್ಕೆ.
ಈ ಮೇಲ್ಕಂಡ ದಾವೆಯಲ್ಲಿ ವಾದಿಯು ದಾವೆಯನ್ನು ಹೂಡಿರುವುದರಿಂದ ಈ ಮೂಲಕ ಪ್ರತಿವಾದಿಯವರಿಗೆ ತಿಳಿಸುವುದೇನೆಂದರೆ ನಿಗದಿತ ದಿನಾಂಕದಂದು ಬೆಳಿಗ್ಗೆ 11.00 ಗಂಟೆಗೆ ಖುದ್ದಾಗಿ ಅಥವಾ ವಕೀಲರ ಮೂಲಕ ನ್ಯಾಯಾಲಯಕ್ಕೆ ಹಾಜರಾಗಿ ತಮ್ಮ ಹೇಳಿಕೆಯನ್ನು ಸಲ್ಲಿಸತಕ್ಕದ್ದು. ತಪ್ಪಿದಲ್ಲಿ ತಮ್ಮ ಗೈರುಹಾಜರಿಯಲ್ಲಿ ದಾವೆಯನ್ನು ಏಕಪಕ್ಷೀಯವಾಗಿ ತೀರ್ಮಾನಿಸಲಾಗುವುದು. ಈ ದಿನ ನನ್ನ ಸಹಿ ಮತ್ತು ನ್ಯಾಯಾಲಯದ ಮೊಹರಿನೊಂದಿಗೆ ನೀಡಲಾಗಿದೆ. ದಾವಾ ಸ್ವತ್ತಿನ ವಿವರ: ಜಮೀನಿನ ಸರ್ವೆ ನಂಬರ್ ವಿಸ್ತೀರ್ಣ ಎಕರೆ ಗುಂಟೆ ಚಕ್ಕುಬಂದಿ ಪೂರ್ವಕ್ಕೆ ಪಶ್ಚಿಮಕ್ಕೆ ಉತ್ತರಕ್ಕೆ ದಕ್ಷಿಣಕ್ಕೆ.
ಈ ಮೇಲ್ಕಂಡ ದಾವೆಯಲ್ಲಿ ವಾದಿಯು ದಾವೆಯನ್ನು ಹೂಡಿರುವುದರಿಂದ ಈ ಮೂಲಕ ಪ್ರತಿವಾದಿಯವರಿಗೆ ತಿಳಿಸುವುದೇನೆಂದರೆ ನಿಗದಿತ ದಿನಾಂಕದಂದು ಬೆಳಿಗ್ಗೆ 11.00 ಗಂಟೆಗೆ ಖುದ್ದಾಗಿ ಅಥವಾ ವಕೀಲರ ಮೂಲಕ ನ್ಯಾಯಾಲಯಕ್ಕೆ ಹಾಜರಾಗಿ ತಮ್ಮ ಹೇಳಿಕೆಯನ್ನು ಸಲ್ಲಿಸತಕ್ಕದ್ದು. ತಪ್ಪಿದಲ್ಲಿ ತಮ್ಮ ಗೈರುಹಾಜರಿಯಲ್ಲಿ ದಾವೆಯನ್ನು ಏಕಪಕ್ಷೀಯವಾಗಿ ತೀರ್ಮಾನಿಸಲಾಗುವುದು. ಈ ದಿನ ನನ್ನ ಸಹಿ ಮತ್ತು ನ್ಯಾಯಾಲಯದ ಮೊಹರಿನೊಂದಿಗೆ ನೀಡಲಾಗಿದೆ. ದಾವಾ ಸ್ವತ್ತಿನ ವಿವರ: ಜಮೀನಿನ ಸರ್ವೆ ನಂಬರ್ ವಿಸ್ತೀರ್ಣ ಎಕರೆ ಗುಂಟೆ ಚಕ್ಕುಬಂದಿ ಪೂರ್ವಕ್ಕೆ ಪಶ್ಚಿಮಕ್ಕೆ ಉತ್ತರಕ್ಕೆ ದಕ್ಷಿಣಕ್ಕೆ.
ಈ ಮೇಲ್ಕಂಡ ದಾವೆಯಲ್ಲಿ ವಾದಿಯು ದಾವೆಯನ್ನು ಹೂಡಿರುವುದರಿಂದ ಈ ಮೂಲಕ ಪ್ರತಿವಾದಿಯವರಿಗೆ ತಿಳಿಸುವುದೇನೆಂದರೆ ನಿಗದಿತ ದಿನಾಂಕದಂದು ಬೆಳಿಗ್ಗೆ 11.00 ಗಂಟೆಗೆ ಖುದ್ದಾಗಿ ಅಥವಾ ವಕೀಲರ ಮೂಲಕ ನ್ಯಾಯಾಲಯಕ್ಕೆ ಹಾಜರಾಗಿ ತಮ್ಮ ಹೇಳಿಕೆಯನ್ನು ಸಲ್ಲಿಸತಕ್ಕದ್ದು. ತಪ್ಪಿದಲ್ಲಿ ತಮ್ಮ ಗೈರುಹಾಜರಿಯಲ್ಲಿ ದಾವೆಯನ್ನು ಏಕಪಕ್ಷೀಯವಾಗಿ ತೀರ್ಮಾನಿಸಲಾಗುವುದು. ಈ ದಿನ ನನ್ನ ಸಹಿ ಮತ್ತು ನ್ಯಾಯಾಲಯದ ಮೊಹರಿನೊಂದಿಗೆ ನೀಡಲಾಗಿದೆ. ದಾವಾ ಸ್ವತ್ತಿನ ವಿವರ: ಜಮೀನಿನ ಸರ್ವೆ ನಂಬರ್ ವಿಸ್ತೀರ್ಣ ಎಕರೆ ಗುಂಟೆ ಚಕ್ಕುಬಂದಿ ಪೂರ್ವಕ್ಕೆ ಪಶ್ಚಿಮಕ್ಕೆ ಉತ್ತರಕ್ಕೆ ದಕ್ಷಿಣಕ್ಕೆ.
IN THE COURT OF THE HON'BLE ADDITIONAL SENIOR CIVIL JUDGE AND JMFC, AT BANGARPET.
P & SC No.21/2023.
Between : 1. Smt. Almas Banu W/o Late Riyaz Pasha, Aged about 44 years, 2. Hajeem Pasha, S/o Late Riyaz Pasha, Aged about 21 years. 3. Riyam Pasha, S/o Late Riyaz Pasha, Aged about 08 years, the Petitioner No.2 and 3 are Represented by their mother as guardian and next friend their mother Petitioner No.01 Smt. Almas Banu. ...PETITIONER AND Inayathh Pasha, S/o. Late. Dasthagir Sab, Aged about 69 years, R/at. # 4199, Tipu Nagar, Bangarpet Town, Bangarpet Taluk, Kolar District. ...RESPONDENT. NOTICE TO THE INTERESTED PERSONS. Whereas, the Petitioners herein above named have filed this petition Under Section 372 of Indian Succession Act, for grant of succession certificate before this Hon'ble Court. This Hon'ble Court has posted the above case on dated 29.10.2024 for appearance of interested persons. Given under my hand and the seal of this Court on this 25/09/2025.
SCHEDULE
By order of the Court Shirastedar, Additional Senior Civil Judge and JMFC Court, Bangarpet.
N.V Ranganatha Advocate for Petitioners
